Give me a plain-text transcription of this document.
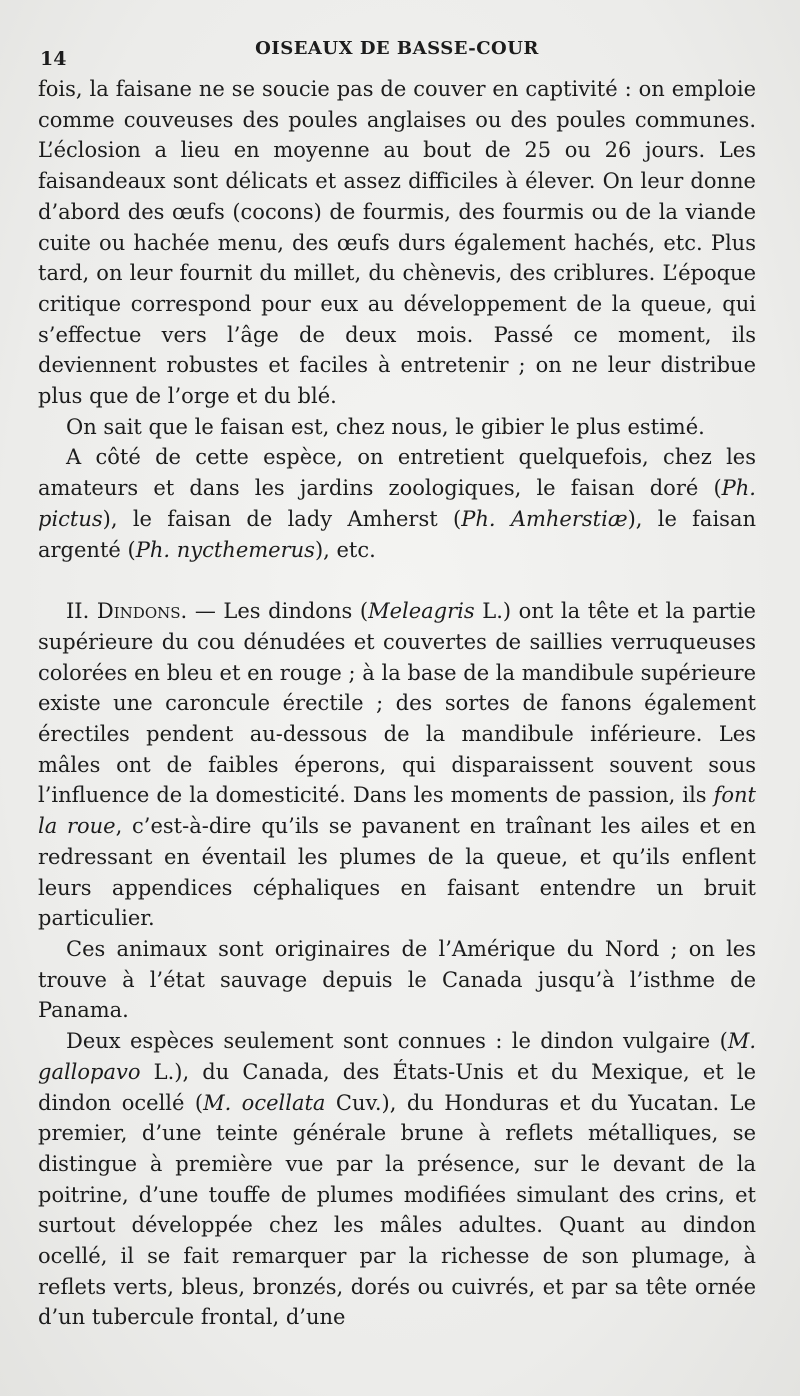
14	OISEAUX DE BASSE-COUR

fois, la faisane ne se soucie pas de couver en captivité : on emploie comme couveuses des poules anglaises ou des poules communes. L’éclosion a lieu en moyenne au bout de 25 ou 26 jours. Les faisandeaux sont délicats et assez difficiles à élever. On leur donne d’abord des œufs (cocons) de fourmis, des fourmis ou de la viande cuite ou hachée menu, des œufs durs également hachés, etc. Plus tard, on leur fournit du millet, du chènevis, des criblures. L’époque critique correspond pour eux au développement de la queue, qui s’effectue vers l’âge de deux mois. Passé ce moment, ils deviennent robustes et faciles à entretenir ; on ne leur distribue plus que de l’orge et du blé.

On sait que le faisan est, chez nous, le gibier le plus estimé.

A côté de cette espèce, on entretient quelquefois, chez les amateurs et dans les jardins zoologiques, le faisan doré (Ph. pictus), le faisan de lady Amherst (Ph. Amherstiæ), le faisan argenté (Ph. nycthemerus), etc.

II. Dindons. — Les dindons (Meleagris L.) ont la tête et la partie supérieure du cou dénudées et couvertes de saillies verruqueuses colorées en bleu et en rouge ; à la base de la mandibule supérieure existe une caroncule érectile ; des sortes de fanons également érectiles pendent au-dessous de la mandibule inférieure. Les mâles ont de faibles éperons, qui disparaissent souvent sous l’influence de la domesticité. Dans les moments de passion, ils font la roue, c’est-à-dire qu’ils se pavanent en traînant les ailes et en redressant en éventail les plumes de la queue, et qu’ils enflent leurs appendices céphaliques en faisant entendre un bruit particulier.

Ces animaux sont originaires de l’Amérique du Nord ; on les trouve à l’état sauvage depuis le Canada jusqu’à l’isthme de Panama.

Deux espèces seulement sont connues : le dindon vulgaire (M. gallopavo L.), du Canada, des États-Unis et du Mexique, et le dindon ocellé (M. ocellata Cuv.), du Honduras et du Yucatan. Le premier, d’une teinte générale brune à reflets métalliques, se distingue à première vue par la présence, sur le devant de la poitrine, d’une touffe de plumes modifiées simulant des crins, et surtout développée chez les mâles adultes. Quant au dindon ocellé, il se fait remarquer par la richesse de son plumage, à reflets verts, bleus, bronzés, dorés ou cuivrés, et par sa tête ornée d’un tubercule frontal, d’une
